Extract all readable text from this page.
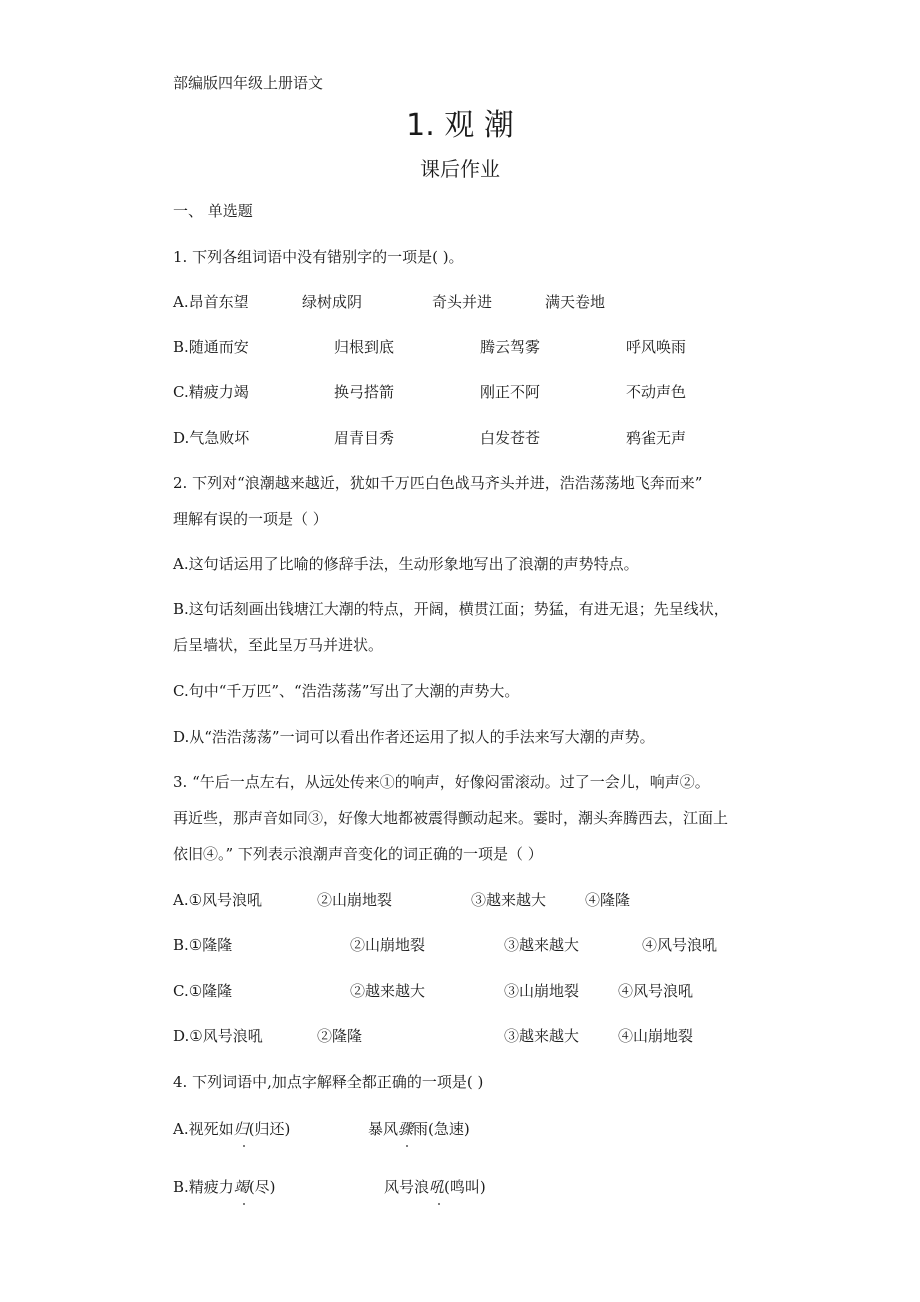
部编版四年级上册语文
1. 观 潮
课后作业
一、 单选题
1. 下列各组词语中没有错别字的一项是( )。
A.昂首东望	绿树成阴	奇头并进	满天卷地
B.随通而安	归根到底	腾云驾雾	呼风唤雨
C.精疲力竭	换弓搭箭	刚正不阿	不动声色
D.气急败坏	眉青目秀	白发苍苍	鸦雀无声
2. 下列对“浪潮越来越近，犹如千万匹白色战马齐头并进，浩浩荡荡地飞奔而来”
理解有误的一项是（ ）
A.这句话运用了比喻的修辞手法，生动形象地写出了浪潮的声势特点。
B.这句话刻画出钱塘江大潮的特点，开阔，横贯江面；势猛，有进无退；先呈线状，
后呈墙状，至此呈万马并进状。
C.句中“千万匹”、“浩浩荡荡”写出了大潮的声势大。
D.从“浩浩荡荡”一词可以看出作者还运用了拟人的手法来写大潮的声势。
3. “午后一点左右，从远处传来①的响声，好像闷雷滚动。过了一会儿，响声②。
再近些，那声音如同③，好像大地都被震得颤动起来。霎时，潮头奔腾西去，江面上
依旧④。” 下列表示浪潮声音变化的词正确的一项是（ ）
A.①风号浪吼	②山崩地裂	③越来越大	④隆隆
B.①隆隆	②山崩地裂	③越来越大	④风号浪吼
C.①隆隆	②越来越大	③山崩地裂	④风号浪吼
D.①风号浪吼	②隆隆	③越来越大	④山崩地裂
4. 下列词语中,加点字解释全都正确的一项是( )
A.视死如归(归还)	暴风骤雨(急速)
B.精疲力竭(尽)	风号浪吼(鸣叫)
